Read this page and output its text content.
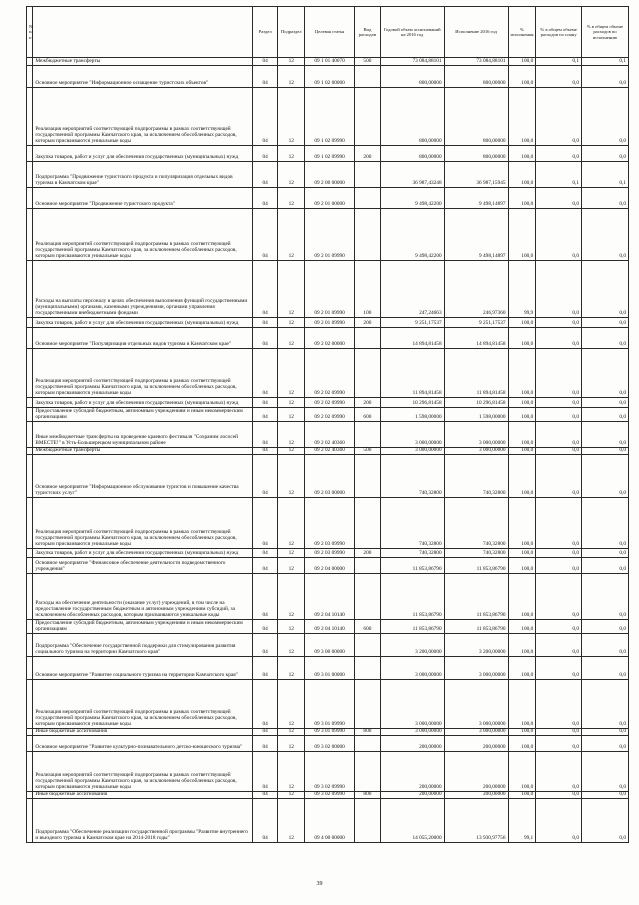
№ п/п		Раздел	Подраздел	Целевая статья	Вид расходов	Годовой объем ассигнований на 2016 год	Исполнение 2016 год	% исполнения	% в общем объеме расходов по плану	% в общем объеме расходов по исполнению
	Межбюджетные трансферты	04	12	09 1 01 40070	500	73 084,88101	73 084,88101	100,0	0,1	0,1
	Основное мероприятие "Информационное оснащение туристских объектов"	04	12	09 1 02 00000		800,00000	800,00000	100,0	0,0	0,0
	Реализация мероприятий соответствующей подпрограммы в рамках соответствующей государственной программы Камчатского края, за исключением обособленных расходов, которым присваиваются уникальные коды	04	12	09 1 02 09990		800,00000	800,00000	100,0	0,0	0,0
	Закупка товаров, работ и услуг для обеспечения государственных (муниципальных) нужд	04	12	09 1 02 09990	200	800,00000	800,00000	100,0	0,0	0,0
	Подпрограмма "Продвижение туристского продукта и популяризация отдельных видов туризма в Камчатском крае"	04	12	09 2 00 00000		36 987,43248	36 987,15945	100,0	0,1	0,1
	Основное мероприятие "Продвижение туристского продукта"	04	12	09 2 01 00000		9 498,42200	9 498,14897	100,0	0,0	0,0
	Реализация мероприятий соответствующей подпрограммы в рамках соответствующей государственной программы Камчатского края, за исключением обособленных расходов, которым присваиваются уникальные коды	04	12	09 2 01 09990		9 498,42200	9 498,14897	100,0	0,0	0,0
	Расходы на выплаты персоналу в целях обеспечения выполнения функций государственными (муниципальными) органами, казенными учреждениями, органами управления государственными внебюджетными фондами	04	12	09 2 01 09990	100	247,24663	246,97360	99,9	0,0	0,0
	Закупка товаров, работ и услуг для обеспечения государственных (муниципальных) нужд	04	12	09 2 01 09990	200	9 251,17537	9 251,17537	100,0	0,0	0,0
	Основное мероприятие "Популяризация отдельных видов туризма в Камчатском крае"	04	12	09 2 02 00000		14 894,81458	14 894,81458	100,0	0,0	0,0
	Реализация мероприятий соответствующей подпрограммы в рамках соответствующей государственной программы Камчатского края, за исключением обособленных расходов, которым присваиваются уникальные коды	04	12	09 2 02 09990		11 894,81458	11 894,81458	100,0	0,0	0,0
	Закупка товаров, работ и услуг для обеспечения государственных (муниципальных) нужд	04	12	09 2 02 09990	200	10 296,81458	10 296,81458	100,0	0,0	0,0
	Предоставление субсидий бюджетным, автономным учреждениям и иным некоммерческим организациям	04	12	09 2 02 09990	600	1 598,00000	1 598,00000	100,0	0,0	0,0
	Иные межбюджетные трансферты на проведение краевого фестиваля "Сохраним лососей ВМЕСТЕ!" в Усть-Большерецком муниципальном районе	04	12	09 2 02 40360		3 000,00000	3 000,00000	100,0	0,0	0,0
	Межбюджетные трансферты	04	12	09 2 02 40360	500	3 000,00000	3 000,00000	100,0	0,0	0,0
	Основное мероприятие "Информационное обслуживание туристов и повышение качества туристских услуг"	04	12	09 2 03 00000		740,32800	740,32800	100,0	0,0	0,0
	Реализация мероприятий соответствующей подпрограммы в рамках соответствующей государственной программы Камчатского края, за исключением обособленных расходов, которым присваиваются уникальные коды	04	12	09 2 03 09990		740,32800	740,32800	100,0	0,0	0,0
	Закупка товаров, работ и услуг для обеспечения государственных (муниципальных) нужд	04	12	09 2 03 09990	200	740,32800	740,32800	100,0	0,0	0,0
	Основное мероприятие "Финансовое обеспечение деятельности подведомственного учреждения"	04	12	09 2 04 00000		11 853,86790	11 853,86790	100,0	0,0	0,0
	Расходы на обеспечение деятельности (оказание услуг) учреждений, в том числе на предоставление государственным бюджетным и автономным учреждениям субсидий, за исключением обособленных расходов, которым присваиваются уникальные коды	04	12	09 2 04 10140		11 853,86790	11 853,86790	100,0	0,0	0,0
	Предоставление субсидий бюджетным, автономным учреждениям и иным некоммерческим организациям	04	12	09 2 04 10140	600	11 853,86790	11 853,86790	100,0	0,0	0,0
	Подпрограмма "Обеспечение государственной поддержки для стимулирования развития социального туризма на территории Камчатского края"	04	12	09 3 00 00000		3 200,00000	3 200,00000	100,0	0,0	0,0
	Основное мероприятие "Развитие социального туризма на территории Камчатского края"	04	12	09 3 01 00000		3 000,00000	3 000,00000	100,0	0,0	0,0
	Реализация мероприятий соответствующей подпрограммы в рамках соответствующей государственной программы Камчатского края, за исключением обособленных расходов, которым присваиваются уникальные коды	04	12	09 3 01 09990		3 000,00000	3 000,00000	100,0	0,0	0,0
	Иные бюджетные ассигнования	04	12	09 3 01 09990	800	3 000,00000	3 000,00000	100,0	0,0	0,0
	Основное мероприятие "Развитие культурно-познавательного детско-юношеского туризма"	04	12	09 3 02 00000		200,00000	200,00000	100,0	0,0	0,0
	Реализация мероприятий соответствующей подпрограммы в рамках соответствующей государственной программы Камчатского края, за исключением обособленных расходов, которым присваиваются уникальные коды	04	12	09 3 02 09990		200,00000	200,00000	100,0	0,0	0,0
	Иные бюджетные ассигнования	04	12	09 3 02 09990	800	200,00000	200,00000	100,0	0,0	0,0
	Подпрограмма "Обеспечение реализации государственной программы "Развитие внутреннего и въездного туризма в Камчатском крае на 2014-2018 годы"	04	12	09 4 00 00000		14 055,20000	13 930,97756	99,1	0,0	0,0
39
